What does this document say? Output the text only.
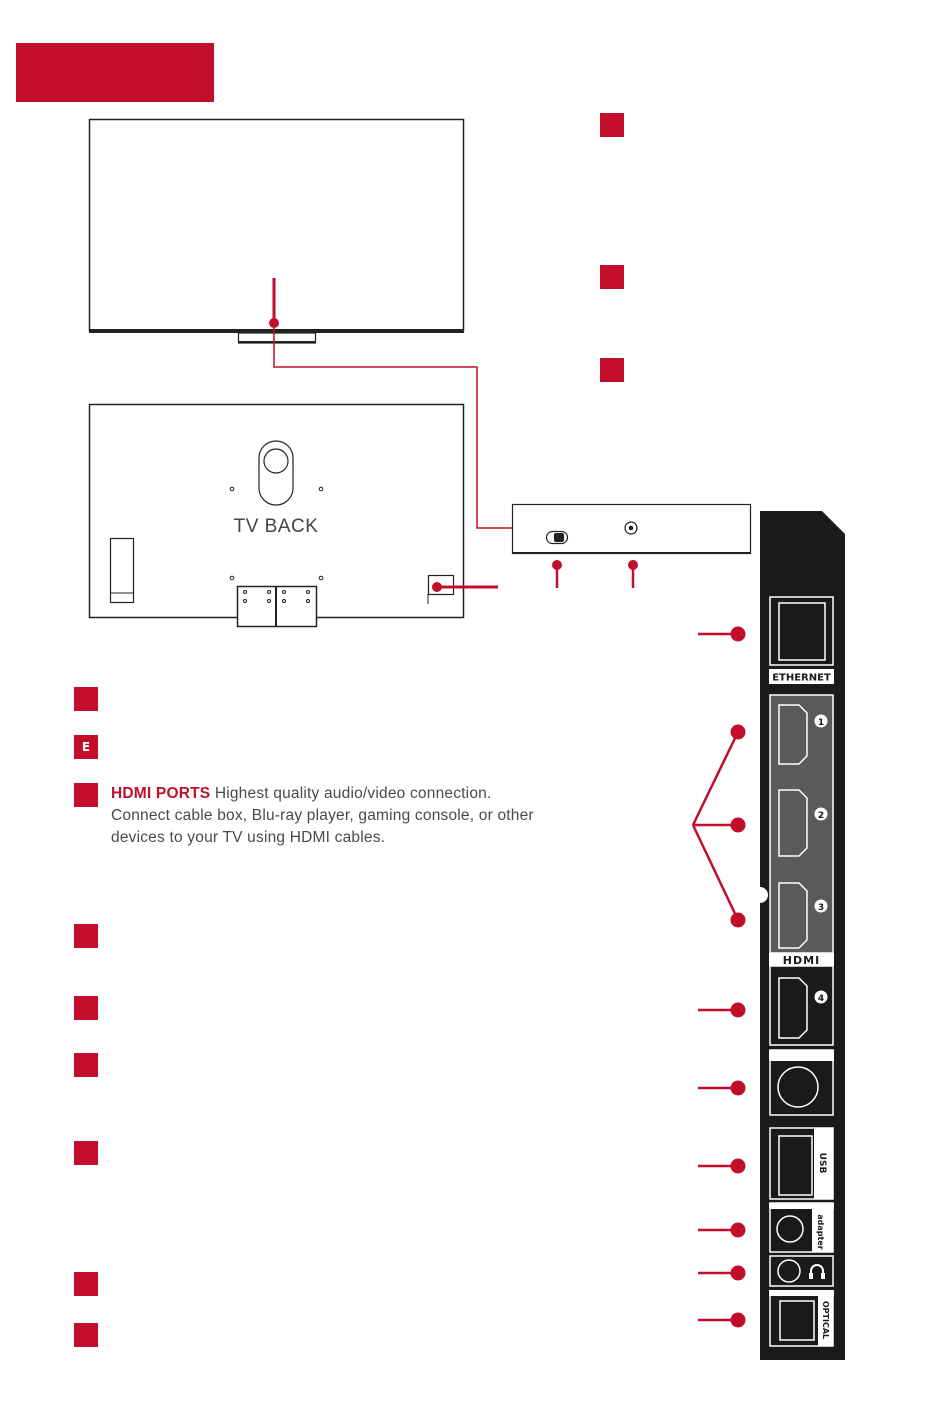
ETHERNET
1
2
3
4
HDMI
USB
adapter
OPTICAL
TV BACK
E
HDMI PORTS Highest quality audio/video connection. Connect cable box, Blu-ray player, gaming console, or other devices to your TV using HDMI cables.
